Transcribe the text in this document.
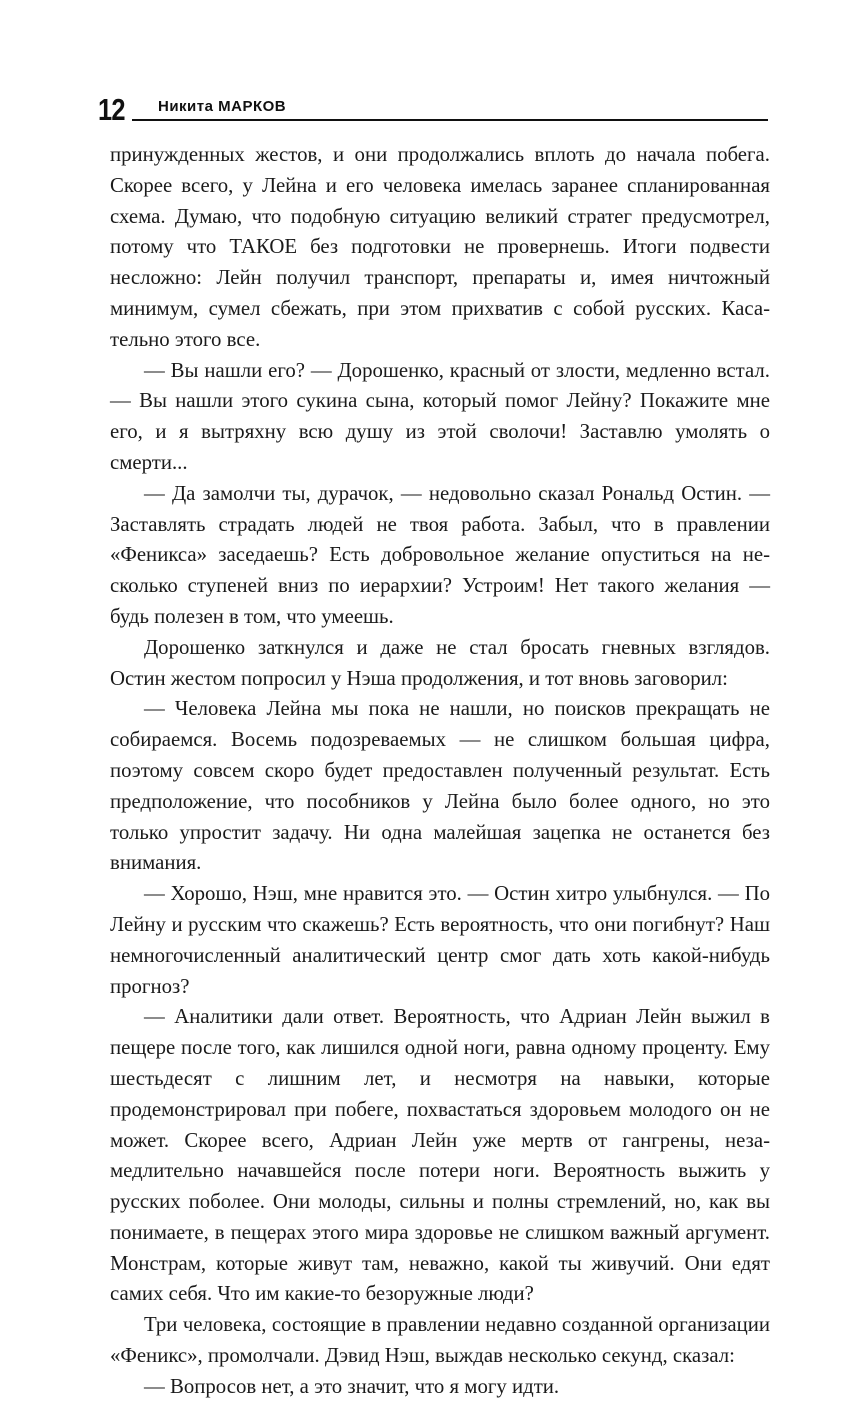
12 Никита МАРКОВ

принужденных жестов, и они продолжались вплоть до начала побега. Скорее всего, у Лейна и его человека имелась заранее спланированная схема. Думаю, что подобную ситуацию великий стратег предусмотрел, потому что ТАКОЕ без подготовки не провернешь. Итоги подвести несложно: Лейн получил транспорт, препараты и, имея ничтожный минимум, сумел сбежать, при этом прихватив с собой русских. Касательно этого все.

— Вы нашли его? — Дорошенко, красный от злости, медленно встал. — Вы нашли этого сукина сына, который помог Лейну? Покажите мне его, и я вытряхну всю душу из этой сволочи! Заставлю умолять о смерти...

— Да замолчи ты, дурачок, — недовольно сказал Рональд Остин. — Заставлять страдать людей не твоя работа. Забыл, что в правлении «Феникса» заседаешь? Есть добровольное желание опуститься на несколько ступеней вниз по иерархии? Устроим! Нет такого желания — будь полезен в том, что умеешь.

Дорошенко заткнулся и даже не стал бросать гневных взглядов. Остин жестом попросил у Нэша продолжения, и тот вновь заговорил:

— Человека Лейна мы пока не нашли, но поисков прекращать не собираемся. Восемь подозреваемых — не слишком большая цифра, поэтому совсем скоро будет предоставлен полученный результат. Есть предположение, что пособников у Лейна было более одного, но это только упростит задачу. Ни одна малейшая зацепка не останется без внимания.

— Хорошо, Нэш, мне нравится это. — Остин хитро улыбнулся. — По Лейну и русским что скажешь? Есть вероятность, что они погибнут? Наш немногочисленный аналитический центр смог дать хоть какой-нибудь прогноз?

— Аналитики дали ответ. Вероятность, что Адриан Лейн выжил в пещере после того, как лишился одной ноги, равна одному проценту. Ему шестьдесят с лишним лет, и несмотря на навыки, которые продемонстрировал при побеге, похвастаться здоровьем молодого он не может. Скорее всего, Адриан Лейн уже мертв от гангрены, незамедлительно начавшейся после потери ноги. Вероятность выжить у русских поболее. Они молоды, сильны и полны стремлений, но, как вы понимаете, в пещерах этого мира здоровье не слишком важный аргумент. Монстрам, которые живут там, неважно, какой ты живучий. Они едят самих себя. Что им какие-то безоружные люди?

Три человека, состоящие в правлении недавно созданной организации «Феникс», промолчали. Дэвид Нэш, выждав несколько секунд, сказал:

— Вопросов нет, а это значит, что я могу идти.
